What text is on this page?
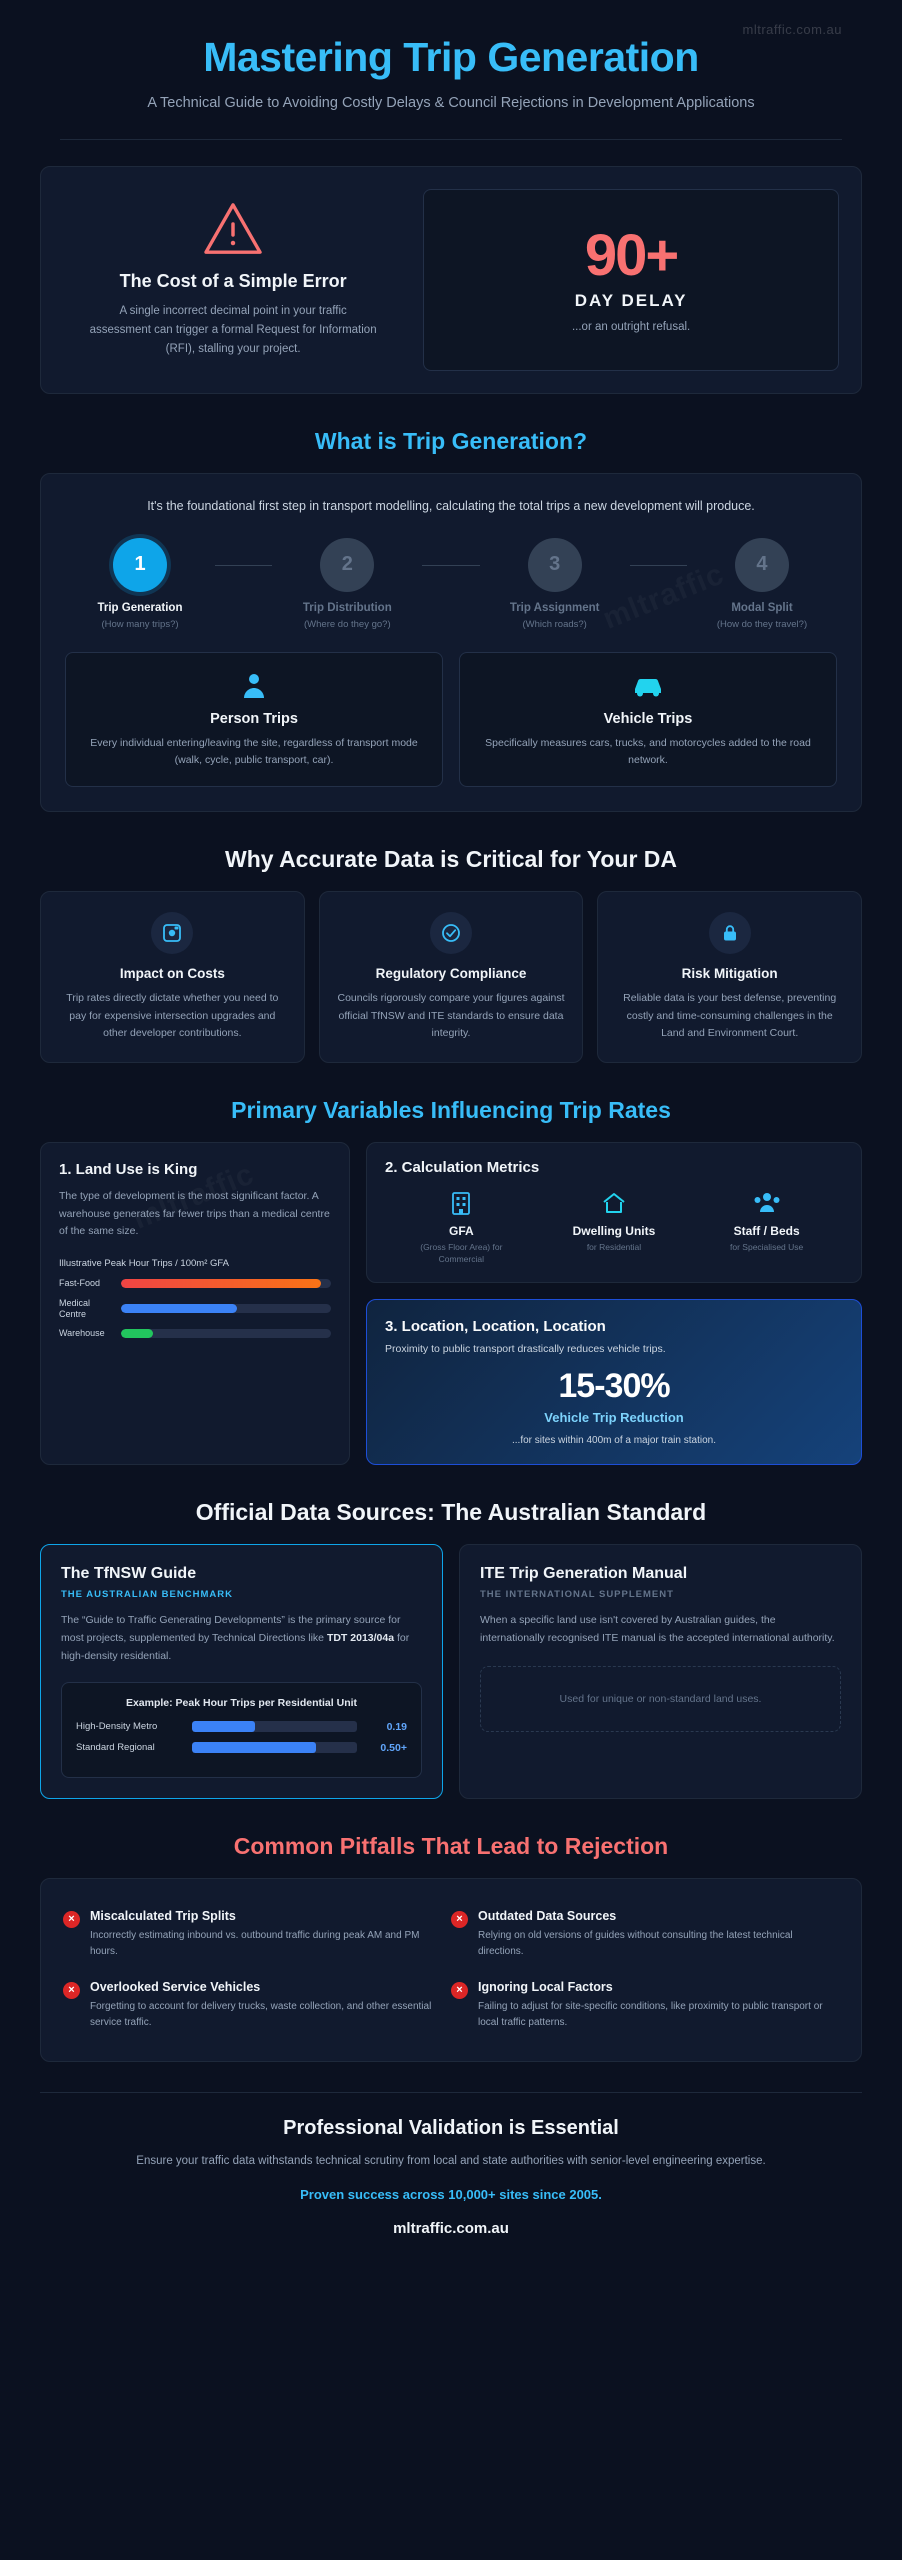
mltraffic.com.au
Mastering Trip Generation
A Technical Guide to Avoiding Costly Delays & Council Rejections in Development Applications
The Cost of a Simple Error

A single incorrect decimal point in your traffic assessment can trigger a formal Request for Information (RFI), stalling your project.

90+
DAY DELAY
...or an outright refusal.
What is Trip Generation?
It's the foundational first step in transport modelling, calculating the total trips a new development will produce.
1
Trip Generation
(How many trips?)
2
Trip Distribution
(Where do they go?)
3
Trip Assignment
(Which roads?)
4
Modal Split
(How do they travel?)
Person Trips

Every individual entering/leaving the site, regardless of transport mode (walk, cycle, public transport, car).

Vehicle Trips

Specifically measures cars, trucks, and motorcycles added to the road network.

Why Accurate Data is Critical for Your DA
Impact on Costs

Trip rates directly dictate whether you need to pay for expensive intersection upgrades and other developer contributions.

Regulatory Compliance

Councils rigorously compare your figures against official TfNSW and ITE standards to ensure data integrity.

Risk Mitigation

Reliable data is your best defense, preventing costly and time-consuming challenges in the Land and Environment Court.

Primary Variables Influencing Trip Rates
1. Land Use is King

The type of development is the most significant factor. A warehouse generates far fewer trips than a medical centre of the same size.

Illustrative Peak Hour Trips / 100m² GFA
Fast-Food
Medical Centre
Warehouse
2. Calculation Metrics
GFA
(Gross Floor Area) for Commercial
Dwelling Units
for Residential
Staff / Beds
for Specialised Use
3. Location, Location, Location
Proximity to public transport drastically reduces vehicle trips.
15-30%
Vehicle Trip Reduction
...for sites within 400m of a major train station.
Official Data Sources: The Australian Standard
The TfNSW Guide
THE AUSTRALIAN BENCHMARK

The “Guide to Traffic Generating Developments” is the primary source for most projects, supplemented by Technical Directions like TDT 2013/04a for high-density residential.

Example: Peak Hour Trips per Residential Unit
High-Density Metro	0.19
Standard Regional	0.50+
ITE Trip Generation Manual
THE INTERNATIONAL SUPPLEMENT

When a specific land use isn't covered by Australian guides, the internationally recognised ITE manual is the accepted international authority.

Used for unique or non-standard land uses.
Common Pitfalls That Lead to Rejection
×	Miscalculated Trip Splits

Incorrectly estimating inbound vs. outbound traffic during peak AM and PM hours.

×	Outdated Data Sources

Relying on old versions of guides without consulting the latest technical directions.

×	Overlooked Service Vehicles

Forgetting to account for delivery trucks, waste collection, and other essential service traffic.

×	Ignoring Local Factors

Failing to adjust for site-specific conditions, like proximity to public transport or local traffic patterns.

Professional Validation is Essential

Ensure your traffic data withstands technical scrutiny from local and state authorities with senior-level engineering expertise.

Proven success across 10,000+ sites since 2005.
mltraffic.com.au
